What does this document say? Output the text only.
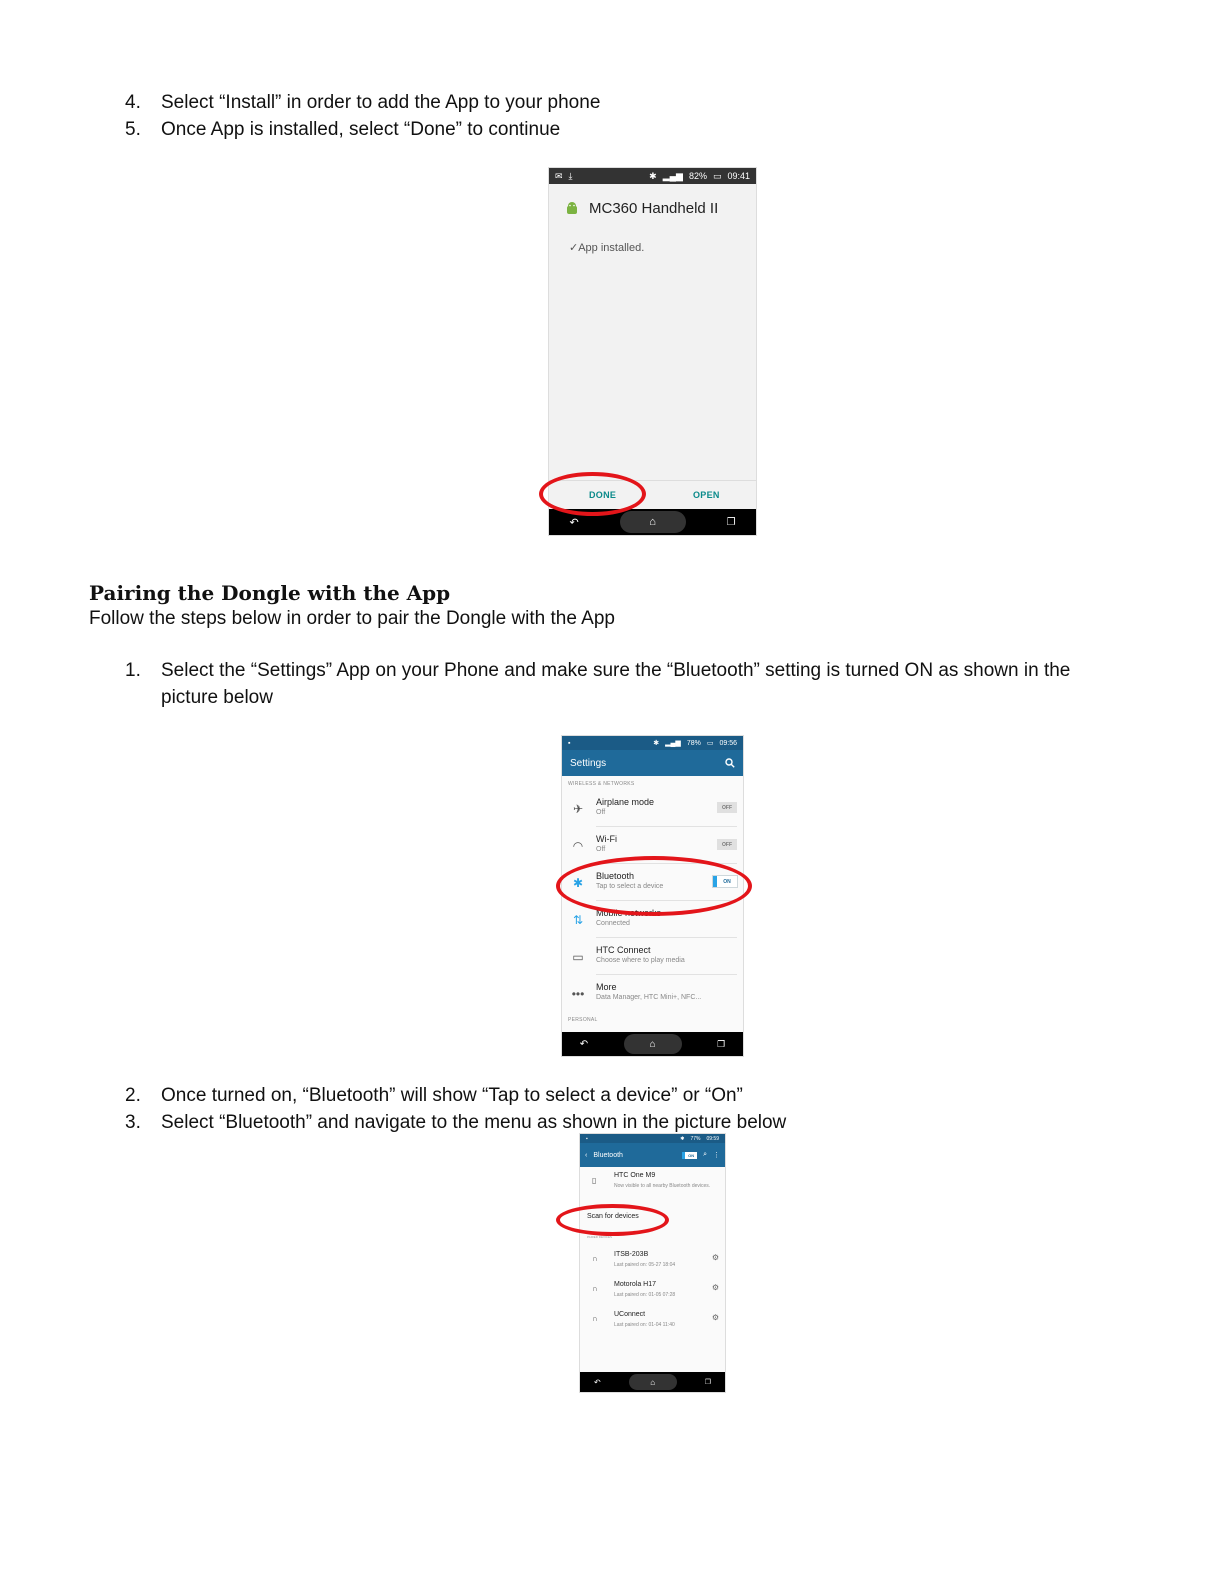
4. Select “Install” in order to add the App to your phone
5. Once App is installed, select “Done” to continue
✉ ⤓	✱ ▂▄▆ 82% ▭ 09:41
MC360 Handheld II
✓App installed.
DONE	OPEN
↶	⌂	❐
Pairing the Dongle with the App
Follow the steps below in order to pair the Dongle with the App
1. Select the “Settings” App on your Phone and make sure the “Bluetooth” setting is turned ON as shown in the
picture below
▪	✱ ▂▄▆ 78% ▭ 09:56
Settings
WIRELESS & NETWORKS
✈	Airplane mode
Off
OFF
◠	Wi-Fi
Off
OFF
✱	Bluetooth
Tap to select a device
ON
⇅	Mobile networks
Connected
▭ HTC Connect
Choose where to play media
••• More
Data Manager, HTC Mini+, NFC...
PERSONAL
↶	⌂	❐
2. Once turned on, “Bluetooth” will show “Tap to select a device” or “On”
3. Select “Bluetooth” and navigate to the menu as shown in the picture below
▪	✱ 77% 09:59
‹ Bluetooth	ON	⌕ ⋮
▯
HTC One M9
Now visible to all nearby Bluetooth devices.
Scan for devices
PAIRED DEVICES
∩ ITSB-203B
Last paired on: 05-27 18:04
⚙
∩ Motorola H17
Last paired on: 01-05 07:28
⚙
∩ UConnect
Last paired on: 01-04 11:40
⚙
↶	⌂	❐
